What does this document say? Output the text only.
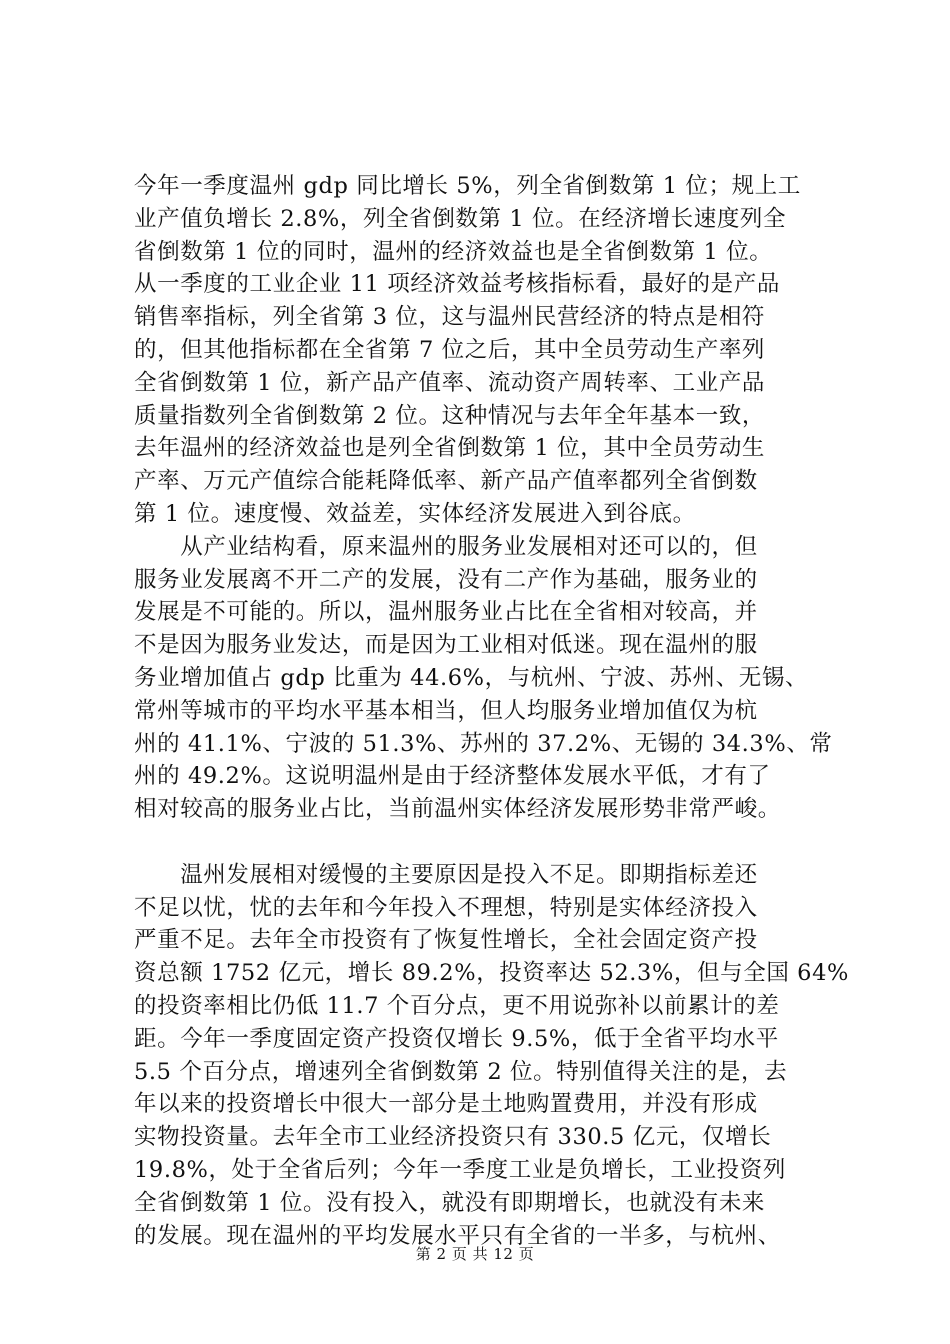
今年一季度温州 gdp 同比增长 5%，列全省倒数第 1 位；规上工
业产值负增长 2.8%，列全省倒数第 1 位。在经济增长速度列全
省倒数第 1 位的同时，温州的经济效益也是全省倒数第 1 位。
从一季度的工业企业 11 项经济效益考核指标看，最好的是产品
销售率指标，列全省第 3 位，这与温州民营经济的特点是相符
的，但其他指标都在全省第 7 位之后，其中全员劳动生产率列
全省倒数第 1 位，新产品产值率、流动资产周转率、工业产品
质量指数列全省倒数第 2 位。这种情况与去年全年基本一致，
去年温州的经济效益也是列全省倒数第 1 位，其中全员劳动生
产率、万元产值综合能耗降低率、新产品产值率都列全省倒数
第 1 位。速度慢、效益差，实体经济发展进入到谷底。

　　从产业结构看，原来温州的服务业发展相对还可以的，但
服务业发展离不开二产的发展，没有二产作为基础，服务业的
发展是不可能的。所以，温州服务业占比在全省相对较高，并
不是因为服务业发达，而是因为工业相对低迷。现在温州的服
务业增加值占 gdp 比重为 44.6%，与杭州、宁波、苏州、无锡、
常州等城市的平均水平基本相当，但人均服务业增加值仅为杭
州的 41.1%、宁波的 51.3%、苏州的 37.2%、无锡的 34.3%、常
州的 49.2%。这说明温州是由于经济整体发展水平低，才有了
相对较高的服务业占比，当前温州实体经济发展形势非常严峻。

　　温州发展相对缓慢的主要原因是投入不足。即期指标差还
不足以忧，忧的去年和今年投入不理想，特别是实体经济投入
严重不足。去年全市投资有了恢复性增长，全社会固定资产投
资总额 1752 亿元，增长 89.2%，投资率达 52.3%，但与全国 64%
的投资率相比仍低 11.7 个百分点，更不用说弥补以前累计的差
距。今年一季度固定资产投资仅增长 9.5%，低于全省平均水平
5.5 个百分点，增速列全省倒数第 2 位。特别值得关注的是，去
年以来的投资增长中很大一部分是土地购置费用，并没有形成
实物投资量。去年全市工业经济投资只有 330.5 亿元，仅增长
19.8%，处于全省后列；今年一季度工业是负增长，工业投资列
全省倒数第 1 位。没有投入，就没有即期增长，也就没有未来
的发展。现在温州的平均发展水平只有全省的一半多，与杭州、

第 2 页 共 12 页
